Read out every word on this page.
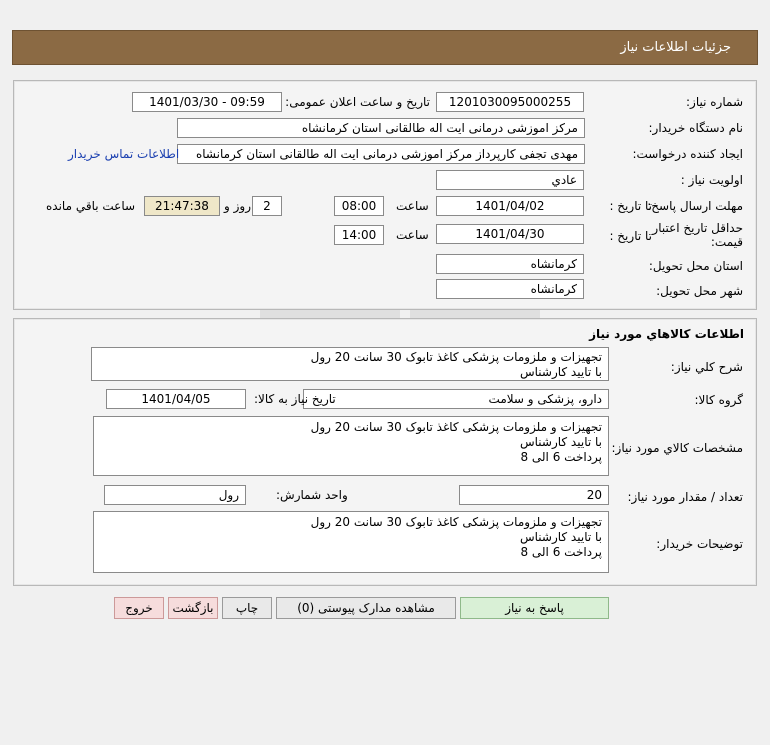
جزئیات اطلاعات نیاز
شماره نیاز:
1201030095000255
تاریخ و ساعت اعلان عمومی:
1401/03/30 - 09:59
نام دستگاه خریدار:
مرکز اموزشی درمانی ایت اله طالقانی استان کرمانشاه
ایجاد کننده درخواست:
مهدی تجفی کارپرداز مرکز اموزشی درمانی ایت اله طالقانی استان کرمانشاه
اطلاعات تماس خریدار
اولویت نیاز :
عادي
مهلت ارسال پاسخ:
تا تاریخ :
1401/04/02
ساعت
08:00
2
روز و
21:47:38
ساعت باقي مانده
حداقل تاریخ اعتبار
قیمت:
تا تاریخ :
1401/04/30
ساعت
14:00
استان محل تحویل:
کرمانشاه
شهر محل تحویل:
کرمانشاه
اطلاعات کالاهاي مورد نياز
شرح کلي نياز:
تجهیزات و ملزومات پزشکی کاغذ تابوک 30 سانت 20 رول
با تایید کارشناس
گروه کالا:
دارو، پزشکی و سلامت
تاریخ نیاز به کالا:
1401/04/05
مشخصات کالاي مورد نياز:
تجهیزات و ملزومات پزشکی کاغذ تابوک 30 سانت 20 رول
با تایید کارشناس
پرداخت 6 الی 8
تعداد / مقدار مورد نیاز:
20
واحد شمارش:
رول
توضیحات خریدار:
تجهیزات و ملزومات پزشکی کاغذ تابوک 30 سانت 20 رول
با تایید کارشناس
پرداخت 6 الی 8
پاسخ به نیاز
مشاهده مدارک پیوستی (0)
چاپ
بازگشت
خروج
